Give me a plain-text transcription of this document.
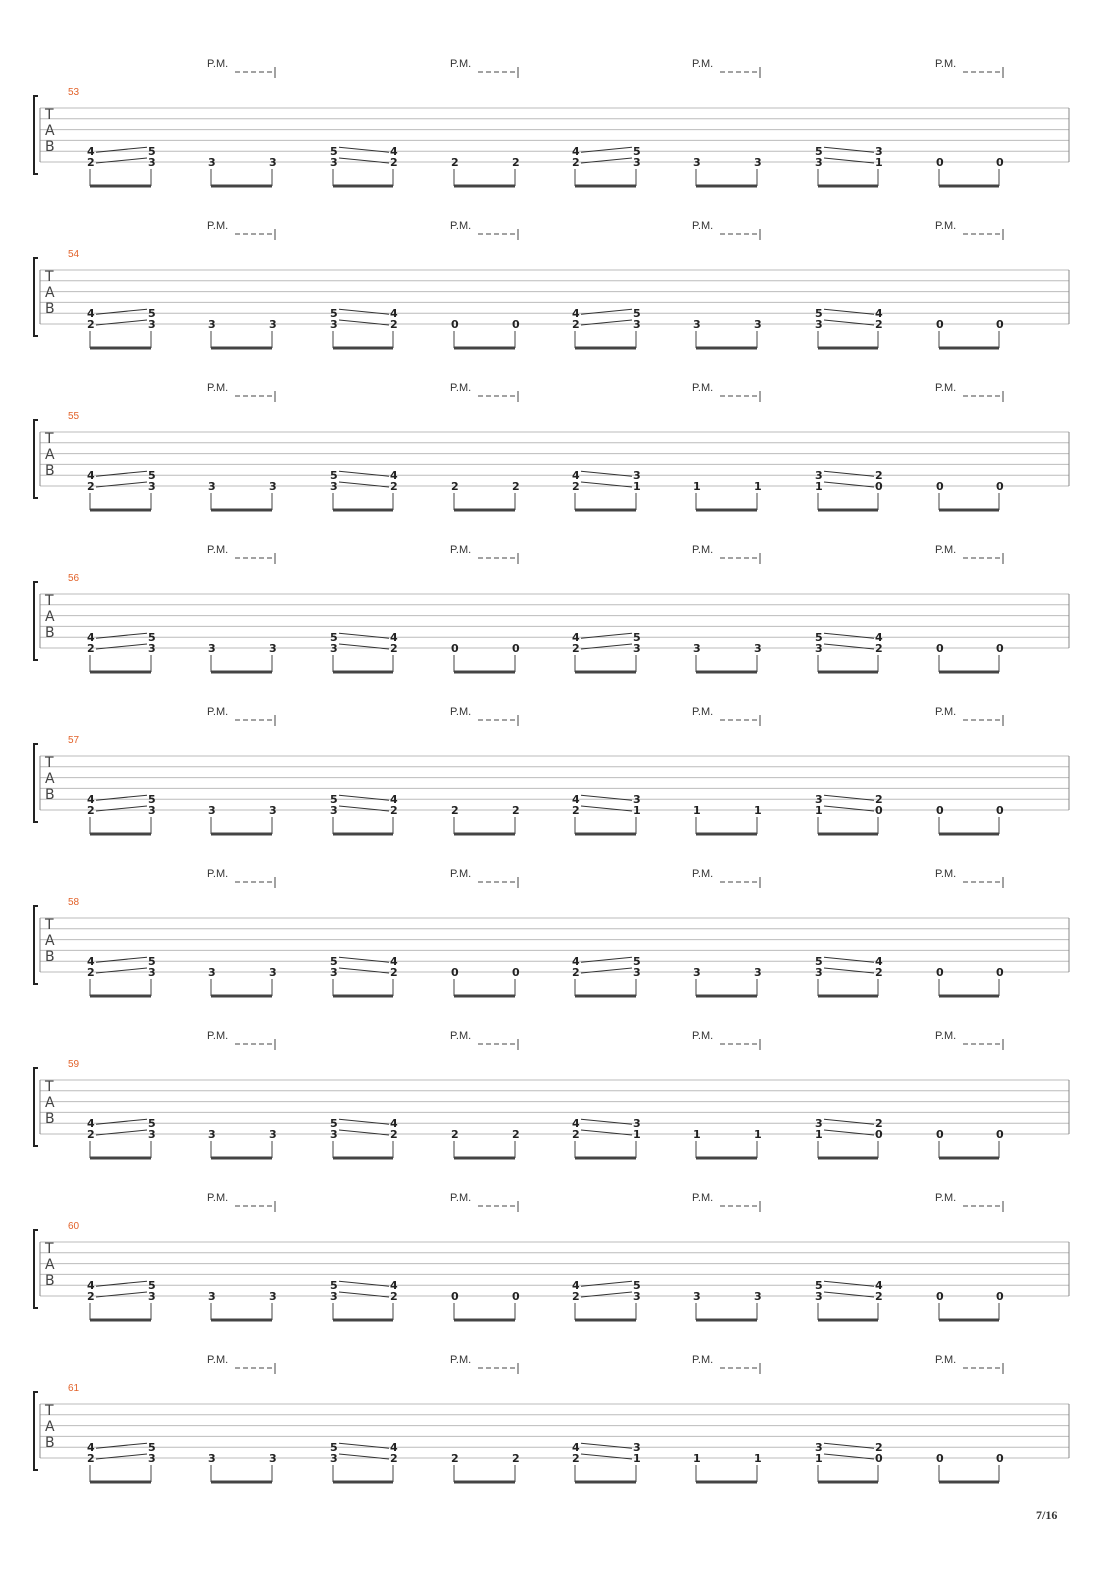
P.M.	P.M.	P.M.	P.M.
53
T
A
B	4
2
5
3	3	3
5
3
4
2	2	2
4
2
5
3	3	3
5
3
3
1	0	0
P.M.	P.M.	P.M.	P.M.
54
T
A
B	4
2
5
3	3	3
5
3
4
2	0	0
4
2
5
3	3	3
5
3
4
2	0	0
P.M.	P.M.	P.M.	P.M.
55
T
A
B	4
2
5
3	3	3
5
3
4
2	2	2
4
2
3
1	1	1
3
1
2
0	0	0
P.M.	P.M.	P.M.	P.M.
56
T
A
B	4
2
5
3	3	3
5
3
4
2	0	0
4
2
5
3	3	3
5
3
4
2	0	0
P.M.	P.M.	P.M.	P.M.
57
T
A
B	4
2
5
3	3	3
5
3
4
2	2	2
4
2
3
1	1	1
3
1
2
0	0	0
P.M.	P.M.	P.M.	P.M.
58
T
A
B	4
2
5
3	3	3
5
3
4
2	0	0
4
2
5
3	3	3
5
3
4
2	0	0
P.M.	P.M.	P.M.	P.M.
59
T
A
B	4
2
5
3	3	3
5
3
4
2	2	2
4
2
3
1	1	1
3
1
2
0	0	0
P.M.	P.M.	P.M.	P.M.
60
T
A
B	4
2
5
3	3	3
5
3
4
2	0	0
4
2
5
3	3	3
5
3
4
2	0	0
P.M.	P.M.	P.M.	P.M.
61
T
A
B	4
2
5
3	3	3
5
3
4
2	2	2
4
2
3
1	1	1
3
1
2
0	0	0
7/16
